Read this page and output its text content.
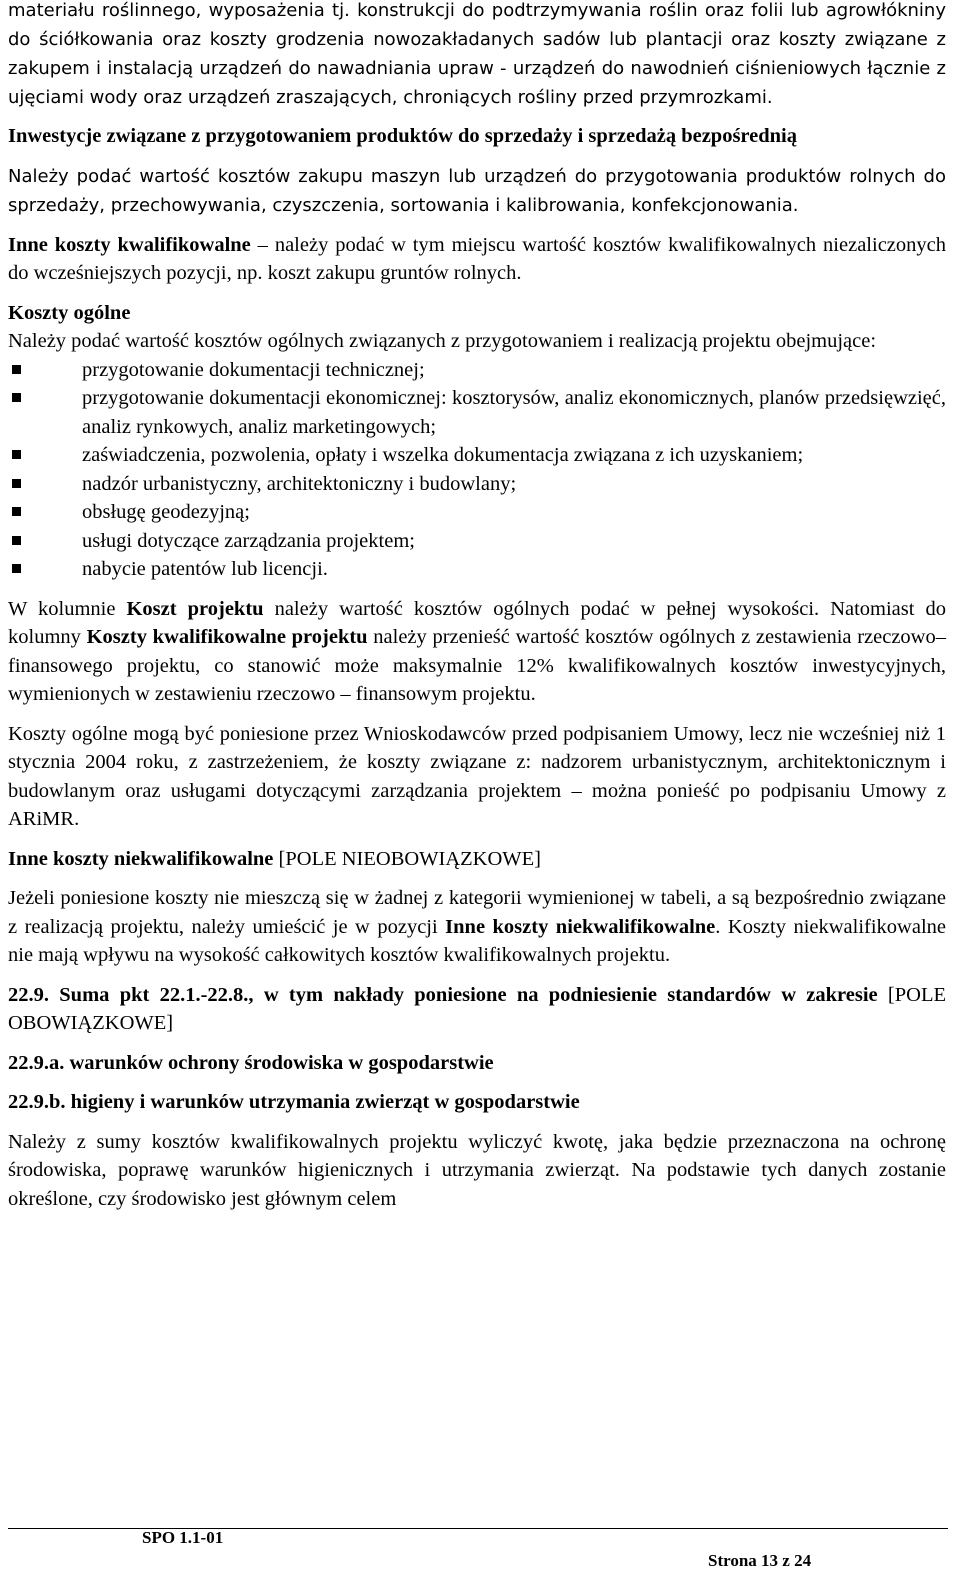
materiału roślinnego, wyposażenia tj. konstrukcji do podtrzymywania roślin oraz folii lub agrowłókniny do ściółkowania oraz koszty grodzenia nowozakładanych sadów lub plantacji oraz koszty związane z zakupem i instalacją urządzeń do nawadniania upraw - urządzeń do nawodnień ciśnieniowych łącznie z ujęciami wody oraz urządzeń zraszających, chroniących rośliny przed przymrozkami.

Inwestycje związane z przygotowaniem produktów do sprzedaży i sprzedażą bezpośrednią

Należy podać wartość kosztów zakupu maszyn lub urządzeń do przygotowania produktów rolnych do sprzedaży, przechowywania, czyszczenia, sortowania i kalibrowania, konfekcjonowania.

Inne koszty kwalifikowalne – należy podać w tym miejscu wartość kosztów kwalifikowalnych niezaliczonych do wcześniejszych pozycji, np. koszt zakupu gruntów rolnych.

Koszty ogólne

Należy podać wartość kosztów ogólnych związanych z przygotowaniem i realizacją projektu obejmujące:

przygotowanie dokumentacji technicznej;
przygotowanie dokumentacji ekonomicznej: kosztorysów, analiz ekonomicznych, planów przedsięwzięć, analiz rynkowych, analiz marketingowych;
zaświadczenia, pozwolenia, opłaty i wszelka dokumentacja związana z ich uzyskaniem;
nadzór urbanistyczny, architektoniczny i budowlany;
obsługę geodezyjną;
usługi dotyczące zarządzania projektem;
nabycie patentów lub licencji.

W kolumnie Koszt projektu należy wartość kosztów ogólnych podać w pełnej wysokości. Natomiast do kolumny Koszty kwalifikowalne projektu należy przenieść wartość kosztów ogólnych z zestawienia rzeczowo–finansowego projektu, co stanowić może maksymalnie 12% kwalifikowalnych kosztów inwestycyjnych, wymienionych w zestawieniu rzeczowo – finansowym projektu.

Koszty ogólne mogą być poniesione przez Wnioskodawców przed podpisaniem Umowy, lecz nie wcześniej niż 1 stycznia 2004 roku, z zastrzeżeniem, że koszty związane z: nadzorem urbanistycznym, architektonicznym i budowlanym oraz usługami dotyczącymi zarządzania projektem – można ponieść po podpisaniu Umowy z ARiMR.

Inne koszty niekwalifikowalne [POLE NIEOBOWIĄZKOWE]

Jeżeli poniesione koszty nie mieszczą się w żadnej z kategorii wymienionej w tabeli, a są bezpośrednio związane z realizacją projektu, należy umieścić je w pozycji Inne koszty niekwalifikowalne. Koszty niekwalifikowalne nie mają wpływu na wysokość całkowitych kosztów kwalifikowalnych projektu.

22.9. Suma pkt 22.1.-22.8., w tym nakłady poniesione na podniesienie standardów w zakresie [POLE OBOWIĄZKOWE]

22.9.a. warunków ochrony środowiska w gospodarstwie

22.9.b. higieny i warunków utrzymania zwierząt w gospodarstwie

Należy z sumy kosztów kwalifikowalnych projektu wyliczyć kwotę, jaka będzie przeznaczona na ochronę środowiska, poprawę warunków higienicznych i utrzymania zwierząt. Na podstawie tych danych zostanie określone, czy środowisko jest głównym celem

SPO 1.1-01
Strona 13 z 24
